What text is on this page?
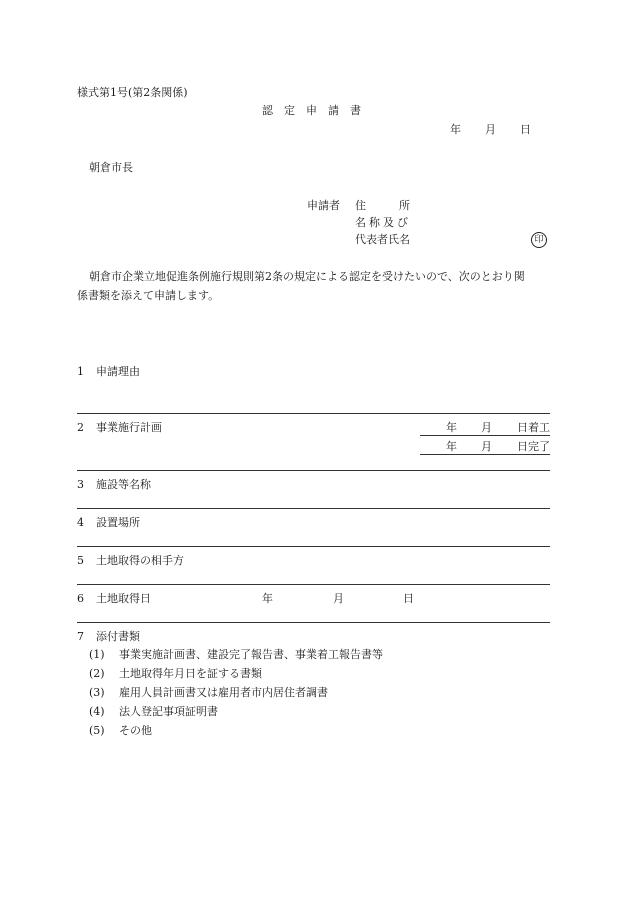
様式第1号(第2条関係)
認　定　申　請　書
年 月 日
朝倉市長
申請者 住　　　所
名称及び
代表者氏名	印
朝倉市企業立地促進条例施行規則第2条の規定による認定を受けたいので、次のとおり関
係書類を添えて申請します。
1 申請理由
2 事業施行計画	年 月 日着工
年 月 日完了
3 施設等名称
4 設置場所
5 土地取得の相手方
6 土地取得日	年	月	日
7 添付書類
(1) 事業実施計画書、建設完了報告書、事業着工報告書等
(2) 土地取得年月日を証する書類
(3) 雇用人員計画書又は雇用者市内居住者調書
(4) 法人登記事項証明書
(5) その他
